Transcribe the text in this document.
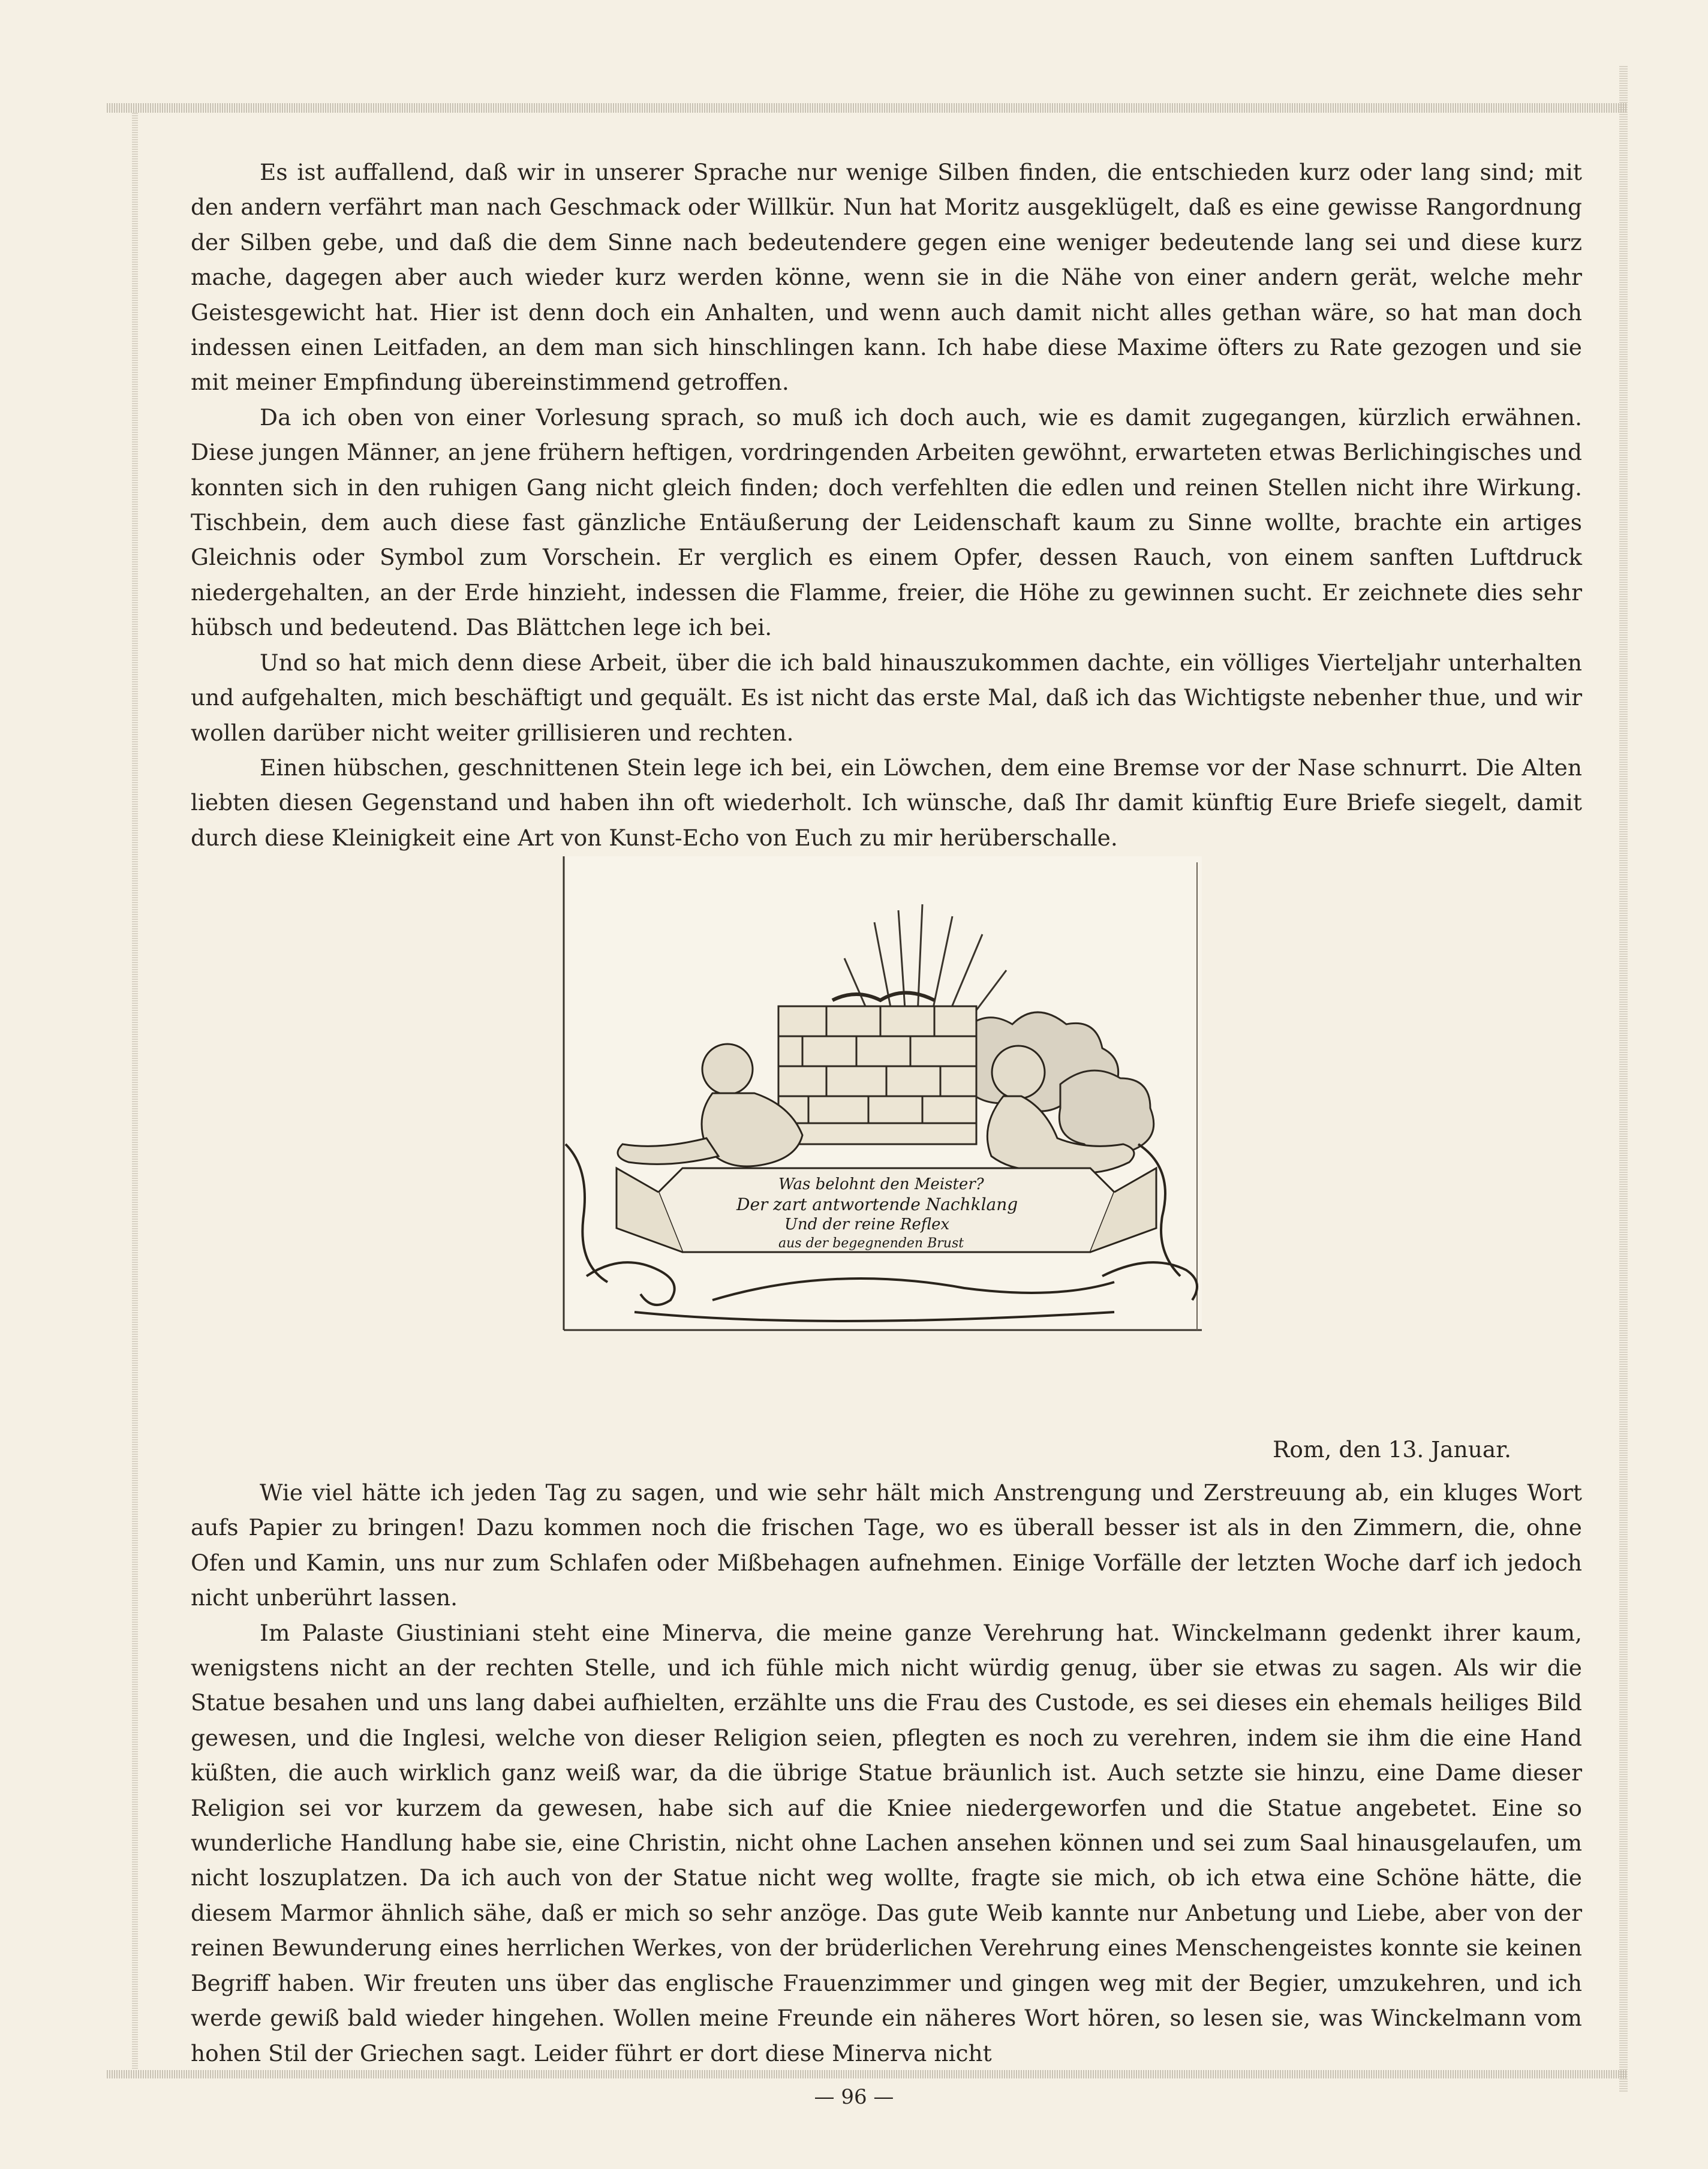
Es ist auffallend, daß wir in unserer Sprache nur wenige Silben finden, die entschieden kurz oder lang sind; mit den andern verfährt man nach Geschmack oder Willkür. Nun hat Moritz ausgeklügelt, daß es eine gewisse Rangordnung der Silben gebe, und daß die dem Sinne nach bedeutendere gegen eine weniger bedeutende lang sei und diese kurz mache, dagegen aber auch wieder kurz werden könne, wenn sie in die Nähe von einer andern gerät, welche mehr Geistesgewicht hat. Hier ist denn doch ein Anhalten, und wenn auch damit nicht alles gethan wäre, so hat man doch indessen einen Leitfaden, an dem man sich hinschlingen kann. Ich habe diese Maxime öfters zu Rate gezogen und sie mit meiner Empfindung übereinstimmend getroffen.

Da ich oben von einer Vorlesung sprach, so muß ich doch auch, wie es damit zugegangen, kürzlich erwähnen. Diese jungen Männer, an jene frühern heftigen, vordringenden Arbeiten gewöhnt, erwarteten etwas Berlichingisches und konnten sich in den ruhigen Gang nicht gleich finden; doch verfehlten die edlen und reinen Stellen nicht ihre Wirkung. Tischbein, dem auch diese fast gänzliche Entäußerung der Leidenschaft kaum zu Sinne wollte, brachte ein artiges Gleichnis oder Symbol zum Vorschein. Er verglich es einem Opfer, dessen Rauch, von einem sanften Luftdruck niedergehalten, an der Erde hinzieht, indessen die Flamme, freier, die Höhe zu gewinnen sucht. Er zeichnete dies sehr hübsch und bedeutend. Das Blättchen lege ich bei.

Und so hat mich denn diese Arbeit, über die ich bald hinauszukommen dachte, ein völliges Vierteljahr unterhalten und aufgehalten, mich beschäftigt und gequält. Es ist nicht das erste Mal, daß ich das Wichtigste nebenher thue, und wir wollen darüber nicht weiter grillisieren und rechten.

Einen hübschen, geschnittenen Stein lege ich bei, ein Löwchen, dem eine Bremse vor der Nase schnurrt. Die Alten liebten diesen Gegenstand und haben ihn oft wiederholt. Ich wünsche, daß Ihr damit künftig Eure Briefe siegelt, damit durch diese Kleinigkeit eine Art von Kunst-Echo von Euch zu mir herüberschalle.

Was belohnt den Meister?
Der zart antwortende Nachklang
Und der reine Reflex
aus der begegnenden Brust
Rom, den 13. Januar.

Wie viel hätte ich jeden Tag zu sagen, und wie sehr hält mich Anstrengung und Zerstreuung ab, ein kluges Wort aufs Papier zu bringen! Dazu kommen noch die frischen Tage, wo es überall besser ist als in den Zimmern, die, ohne Ofen und Kamin, uns nur zum Schlafen oder Mißbehagen aufnehmen. Einige Vorfälle der letzten Woche darf ich jedoch nicht unberührt lassen.

Im Palaste Giustiniani steht eine Minerva, die meine ganze Verehrung hat. Winckelmann gedenkt ihrer kaum, wenigstens nicht an der rechten Stelle, und ich fühle mich nicht würdig genug, über sie etwas zu sagen. Als wir die Statue besahen und uns lang dabei aufhielten, erzählte uns die Frau des Custode, es sei dieses ein ehemals heiliges Bild gewesen, und die Inglesi, welche von dieser Religion seien, pflegten es noch zu verehren, indem sie ihm die eine Hand küßten, die auch wirklich ganz weiß war, da die übrige Statue bräunlich ist. Auch setzte sie hinzu, eine Dame dieser Religion sei vor kurzem da gewesen, habe sich auf die Kniee niedergeworfen und die Statue angebetet. Eine so wunderliche Handlung habe sie, eine Christin, nicht ohne Lachen ansehen können und sei zum Saal hinausgelaufen, um nicht loszuplatzen. Da ich auch von der Statue nicht weg wollte, fragte sie mich, ob ich etwa eine Schöne hätte, die diesem Marmor ähnlich sähe, daß er mich so sehr anzöge. Das gute Weib kannte nur Anbetung und Liebe, aber von der reinen Bewunderung eines herrlichen Werkes, von der brüderlichen Verehrung eines Menschengeistes konnte sie keinen Begriff haben. Wir freuten uns über das englische Frauenzimmer und gingen weg mit der Begier, umzukehren, und ich werde gewiß bald wieder hingehen. Wollen meine Freunde ein näheres Wort hören, so lesen sie, was Winckelmann vom hohen Stil der Griechen sagt. Leider führt er dort diese Minerva nicht

— 96 —
